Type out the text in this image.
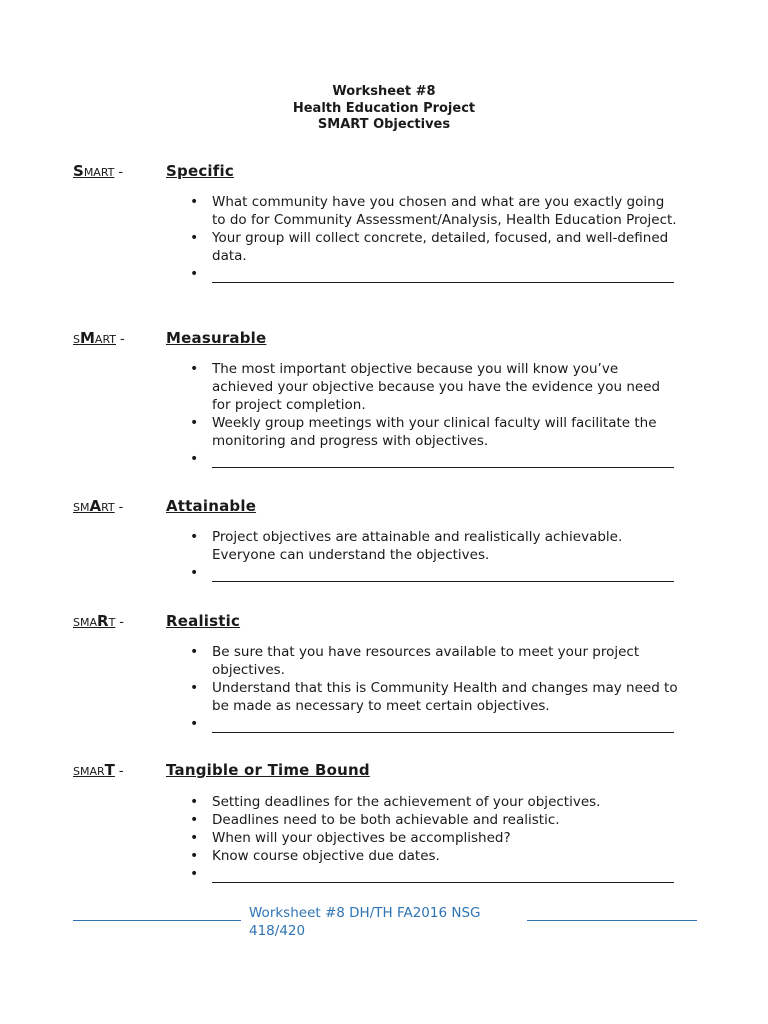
Worksheet #8
Health Education Project
SMART Objectives
SMART -	Specific
• What community have you chosen and what are you exactly going to do for Community Assessment/Analysis, Health Education Project.
• Your group will collect concrete, detailed, focused, and well-defined data.
•
SMART -	Measurable
• The most important objective because you will know you’ve achieved your objective because you have the evidence you need for project completion.
• Weekly group meetings with your clinical faculty will facilitate the monitoring and progress with objectives.
•
SMART -	Attainable
• Project objectives are attainable and realistically achievable. Everyone can understand the objectives.
•
SMART -	Realistic
• Be sure that you have resources available to meet your project objectives.
• Understand that this is Community Health and changes may need to be made as necessary to meet certain objectives.
•
SMART -	Tangible or Time Bound
• Setting deadlines for the achievement of your objectives.
• Deadlines need to be both achievable and realistic.
• When will your objectives be accomplished?
• Know course objective due dates.
•
Worksheet #8 DH/TH FA2016 NSG 418/420
